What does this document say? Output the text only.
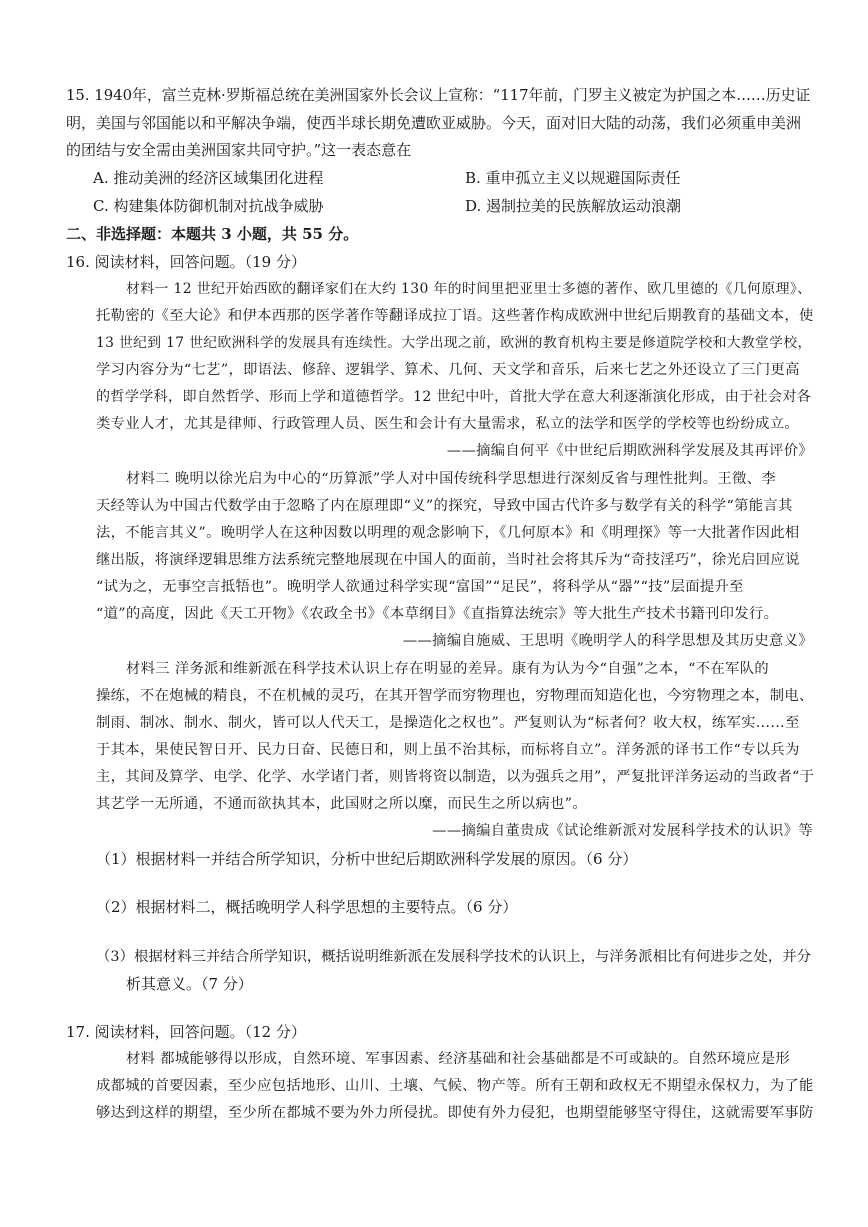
15. 1940年，富兰克林·罗斯福总统在美洲国家外长会议上宣称：“117年前，门罗主义被定为护国之本……历史证
明，美国与邻国能以和平解决争端，使西半球长期免遭欧亚威胁。今天，面对旧大陆的动荡，我们必须重申美洲
的团结与安全需由美洲国家共同守护。”这一表态意在
A. 推动美洲的经济区域集团化进程	B. 重申孤立主义以规避国际责任
C. 构建集体防御机制对抗战争威胁	D. 遏制拉美的民族解放运动浪潮
二、非选择题：本题共 3 小题，共 55 分。
16. 阅读材料，回答问题。（19 分）
材料一 12 世纪开始西欧的翻译家们在大约 130 年的时间里把亚里士多德的著作、欧几里德的《几何原理》、
托勒密的《至大论》和伊本西那的医学著作等翻译成拉丁语。这些著作构成欧洲中世纪后期教育的基础文本，使
13 世纪到 17 世纪欧洲科学的发展具有连续性。大学出现之前，欧洲的教育机构主要是修道院学校和大教堂学校，
学习内容分为“七艺”，即语法、修辞、逻辑学、算术、几何、天文学和音乐，后来七艺之外还设立了三门更高
的哲学学科，即自然哲学、形而上学和道德哲学。12 世纪中叶，首批大学在意大利逐渐演化形成，由于社会对各
类专业人才，尤其是律师、行政管理人员、医生和会计有大量需求，私立的法学和医学的学校等也纷纷成立。
——摘编自何平《中世纪后期欧洲科学发展及其再评价》
材料二 晚明以徐光启为中心的“历算派”学人对中国传统科学思想进行深刻反省与理性批判。王徵、李
天经等认为中国古代数学由于忽略了内在原理即“义”的探究，导致中国古代许多与数学有关的科学“第能言其
法，不能言其义”。晚明学人在这种因数以明理的观念影响下，《几何原本》和《明理探》等一大批著作因此相
继出版，将演绎逻辑思维方法系统完整地展现在中国人的面前，当时社会将其斥为“奇技淫巧”，徐光启回应说
“试为之，无事空言抵牾也”。晚明学人欲通过科学实现“富国”“足民”，将科学从“器”“技”层面提升至
“道”的高度，因此《天工开物》《农政全书》《本草纲目》《直指算法统宗》等大批生产技术书籍刊印发行。
——摘编自施威、王思明《晚明学人的科学思想及其历史意义》
材料三 洋务派和维新派在科学技术认识上存在明显的差异。康有为认为今“自强”之本，“不在军队的
操练，不在炮械的精良，不在机械的灵巧，在其开智学而穷物理也，穷物理而知造化也，今穷物理之本，制电、
制雨、制冰、制水、制火，皆可以人代天工，是操造化之权也”。严复则认为“标者何？收大权，练军实……至
于其本，果使民智日开、民力日奋、民德日和，则上虽不治其标，而标将自立”。洋务派的译书工作“专以兵为
主，其间及算学、电学、化学、水学诸门者，则皆将资以制造，以为强兵之用”，严复批评洋务运动的当政者“于
其艺学一无所通，不通而欲执其本，此国财之所以糜，而民生之所以病也”。
——摘编自董贵成《试论维新派对发展科学技术的认识》等
（1）根据材料一并结合所学知识，分析中世纪后期欧洲科学发展的原因。（6 分）
（2）根据材料二，概括晚明学人科学思想的主要特点。（6 分）
（3）根据材料三并结合所学知识，概括说明维新派在发展科学技术的认识上，与洋务派相比有何进步之处，并分
析其意义。（7 分）
17. 阅读材料，回答问题。（12 分）
材料 都城能够得以形成，自然环境、军事因素、经济基础和社会基础都是不可或缺的。自然环境应是形
成都城的首要因素，至少应包括地形、山川、土壤、气候、物产等。所有王朝和政权无不期望永保权力，为了能
够达到这样的期望，至少所在都城不要为外力所侵扰。即使有外力侵犯，也期望能够坚守得住，这就需要军事防
